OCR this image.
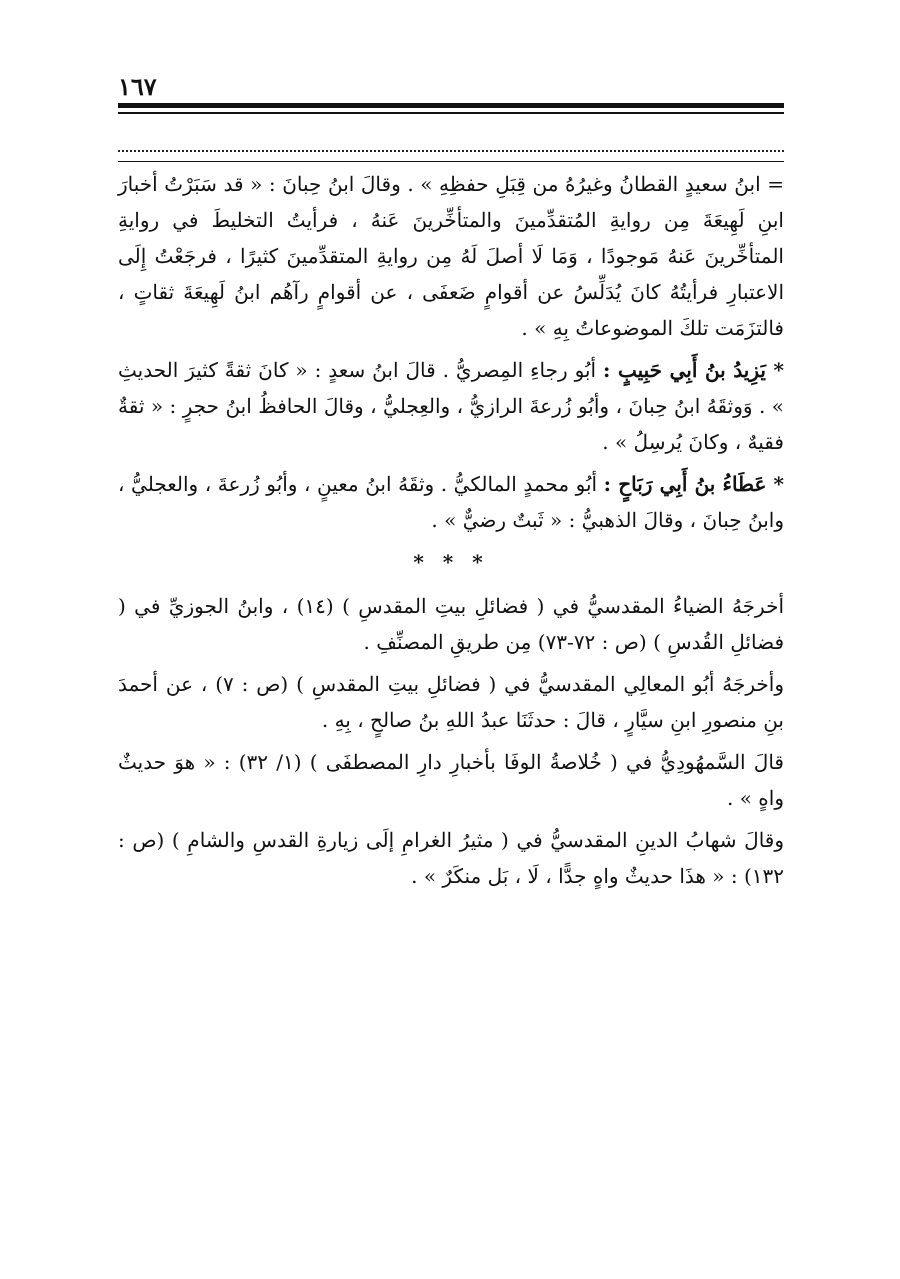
١٦٧

= ابنُ سعيدٍ القطانُ وغيرُهُ من قِبَلِ حفظِهِ » . وقالَ ابنُ حِبانَ : « قد سَبَرْتُ أخبارَ ابنِ لَهِيعَةَ مِن روايةِ المُتقدِّمينَ والمتأخِّرينَ عَنهُ ، فرأيتُ التخليطَ في روايةِ المتأخِّرينَ عَنهُ مَوجودًا ، وَمَا لَا أصلَ لَهُ مِن روايةِ المتقدِّمينَ كثيرًا ، فرجَعْتُ إِلَى الاعتبارِ فرأيتُهُ كانَ يُدَلِّسُ عن أقوامٍ ضَعفَى ، عن أقوامٍ رآهُم ابنُ لَهِيعَةَ ثقاتٍ ، فالتزَمَت تلكَ الموضوعاتُ بِهِ » .

* يَزِيدُ بنُ أَبِي حَبِيبٍ : أبُو رجاءِ المِصريُّ . قالَ ابنُ سعدٍ : « كانَ ثقةً كثيرَ الحديثِ » . وَوثقَهُ ابنُ حِبانَ ، وأبُو زُرعةَ الرازيُّ ، والعِجليُّ ، وقالَ الحافظُ ابنُ حجرٍ : « ثقةٌ فقيهٌ ، وكانَ يُرسِلُ » .

* عَطَاءُ بنُ أَبِي رَبَاحٍ : أبُو محمدٍ المالكيُّ . وثقَهُ ابنُ معينٍ ، وأبُو زُرعةَ ، والعجليُّ ، وابنُ حِبانَ ، وقالَ الذهبيُّ : « ثَبتٌ رضيٌّ » .

* * *

أخرجَهُ الضياءُ المقدسيُّ في ( فضائلِ بيتِ المقدسِ ) (١٤) ، وابنُ الجوزيِّ في ( فضائلِ القُدسِ ) (ص : ٧٢-٧٣) مِن طريقِ المصنِّفِ .

وأخرجَهُ أبُو المعالِي المقدسيُّ في ( فضائلِ بيتِ المقدسِ ) (ص : ٧) ، عن أحمدَ بنِ منصورِ ابنِ سيَّارٍ ، قالَ : حدثَنَا عبدُ اللهِ بنُ صالحٍ ، بِهِ .

قالَ السَّمهُودِيُّ في ( خُلاصةُ الوفَا بأخبارِ دارِ المصطفَى ) (١/ ٣٢) : « هوَ حديثٌ واهٍ » .

وقالَ شهابُ الدينِ المقدسيُّ في ( مثيرُ الغرامِ إلَى زيارةِ القدسِ والشامِ ) (ص : ١٣٢) : « هذَا حديثٌ واهٍ جدًّا ، لَا ، بَل منكَرٌ » .
